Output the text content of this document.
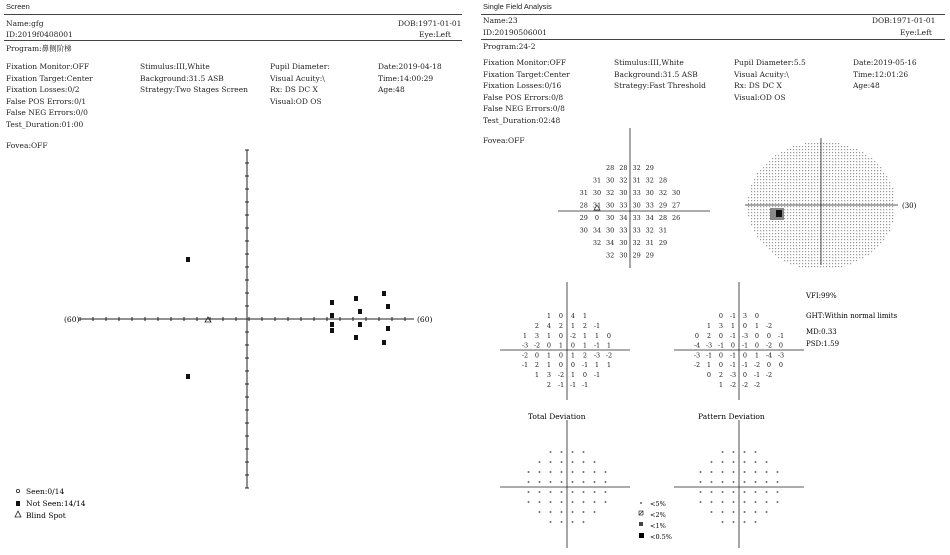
Screen
Name:gfg	DOB:1971-01-01
ID:2019f0408001	Eye:Left
Program:鼻侧阶梯
Fixation Monitor:OFF
Fixation Target:Center
Fixation Losses:0/2
False POS Errors:0/1
False NEG Errors:0/0
Test_Duration:01:00
Stimulus:III,White
Background:31.5 ASB
Strategy:Two Stages Screen
Pupil Diameter:
Visual Acuity:\
Rx: DS DC X
Visual:OD OS
Date:2019-04-18
Time:14:00:29
Age:48
Fovea:OFF
(60)	(60)
Seen:0/14
Not Seen:14/14
Blind Spot
Single Field Analysis
Name:23	DOB:1971-01-01
ID:20190506001	Eye:Left
Program:24-2
Fixation Monitor:OFF
Fixation Target:Center
Fixation Losses:0/16
False POS Errors:0/8
False NEG Errors:0/8
Test_Duration:02:48
Stimulus:III,White
Background:31.5 ASB
Strategy:Fast Threshold
Pupil Diameter:5.5
Visual Acuity:\
Rx: DS DC X
Visual:OD OS
Date:2019-05-16
Time:12:01:26
Age:48
Fovea:OFF
28 28 32 29
31 30 32 31 32 28
31 30 32 30 33 30 32 30
28 31 30 33 30 33 29 27
29 0 30 34 33 34 28 26
30 34 30 33 33 32 31
32 34 30 32 31 29
32 30 29 29
(30)
1 0 4 1
2 4 2 1 2 -1
1 3 1 0 -2 1 1 0
-3 -2 0 1 0 1 -1 1
-2 0 1 0 1 2 -3 -2
-1 2 1 0 0 -1 1 1
1 3 -2 1 0 -1
2 -1 -1 -1
0 -1 3 0
1 3 1 0 1 -2
0 2 0 -1 -3 0 0 -1
-4 -3 -1 0 -1 0 -2 0
-3 -1 0 -1 0 1 -4 -3
-2 1 0 -1 -1 -2 0 0
0 2 -3 0 -1 -2
1 -2 -2 -2
Total Deviation	Pattern Deviation
VFI:99%
GHT:Within normal limits
MD:0.33
PSD:1.59
<5%
<2%
<1%
<0.5%
